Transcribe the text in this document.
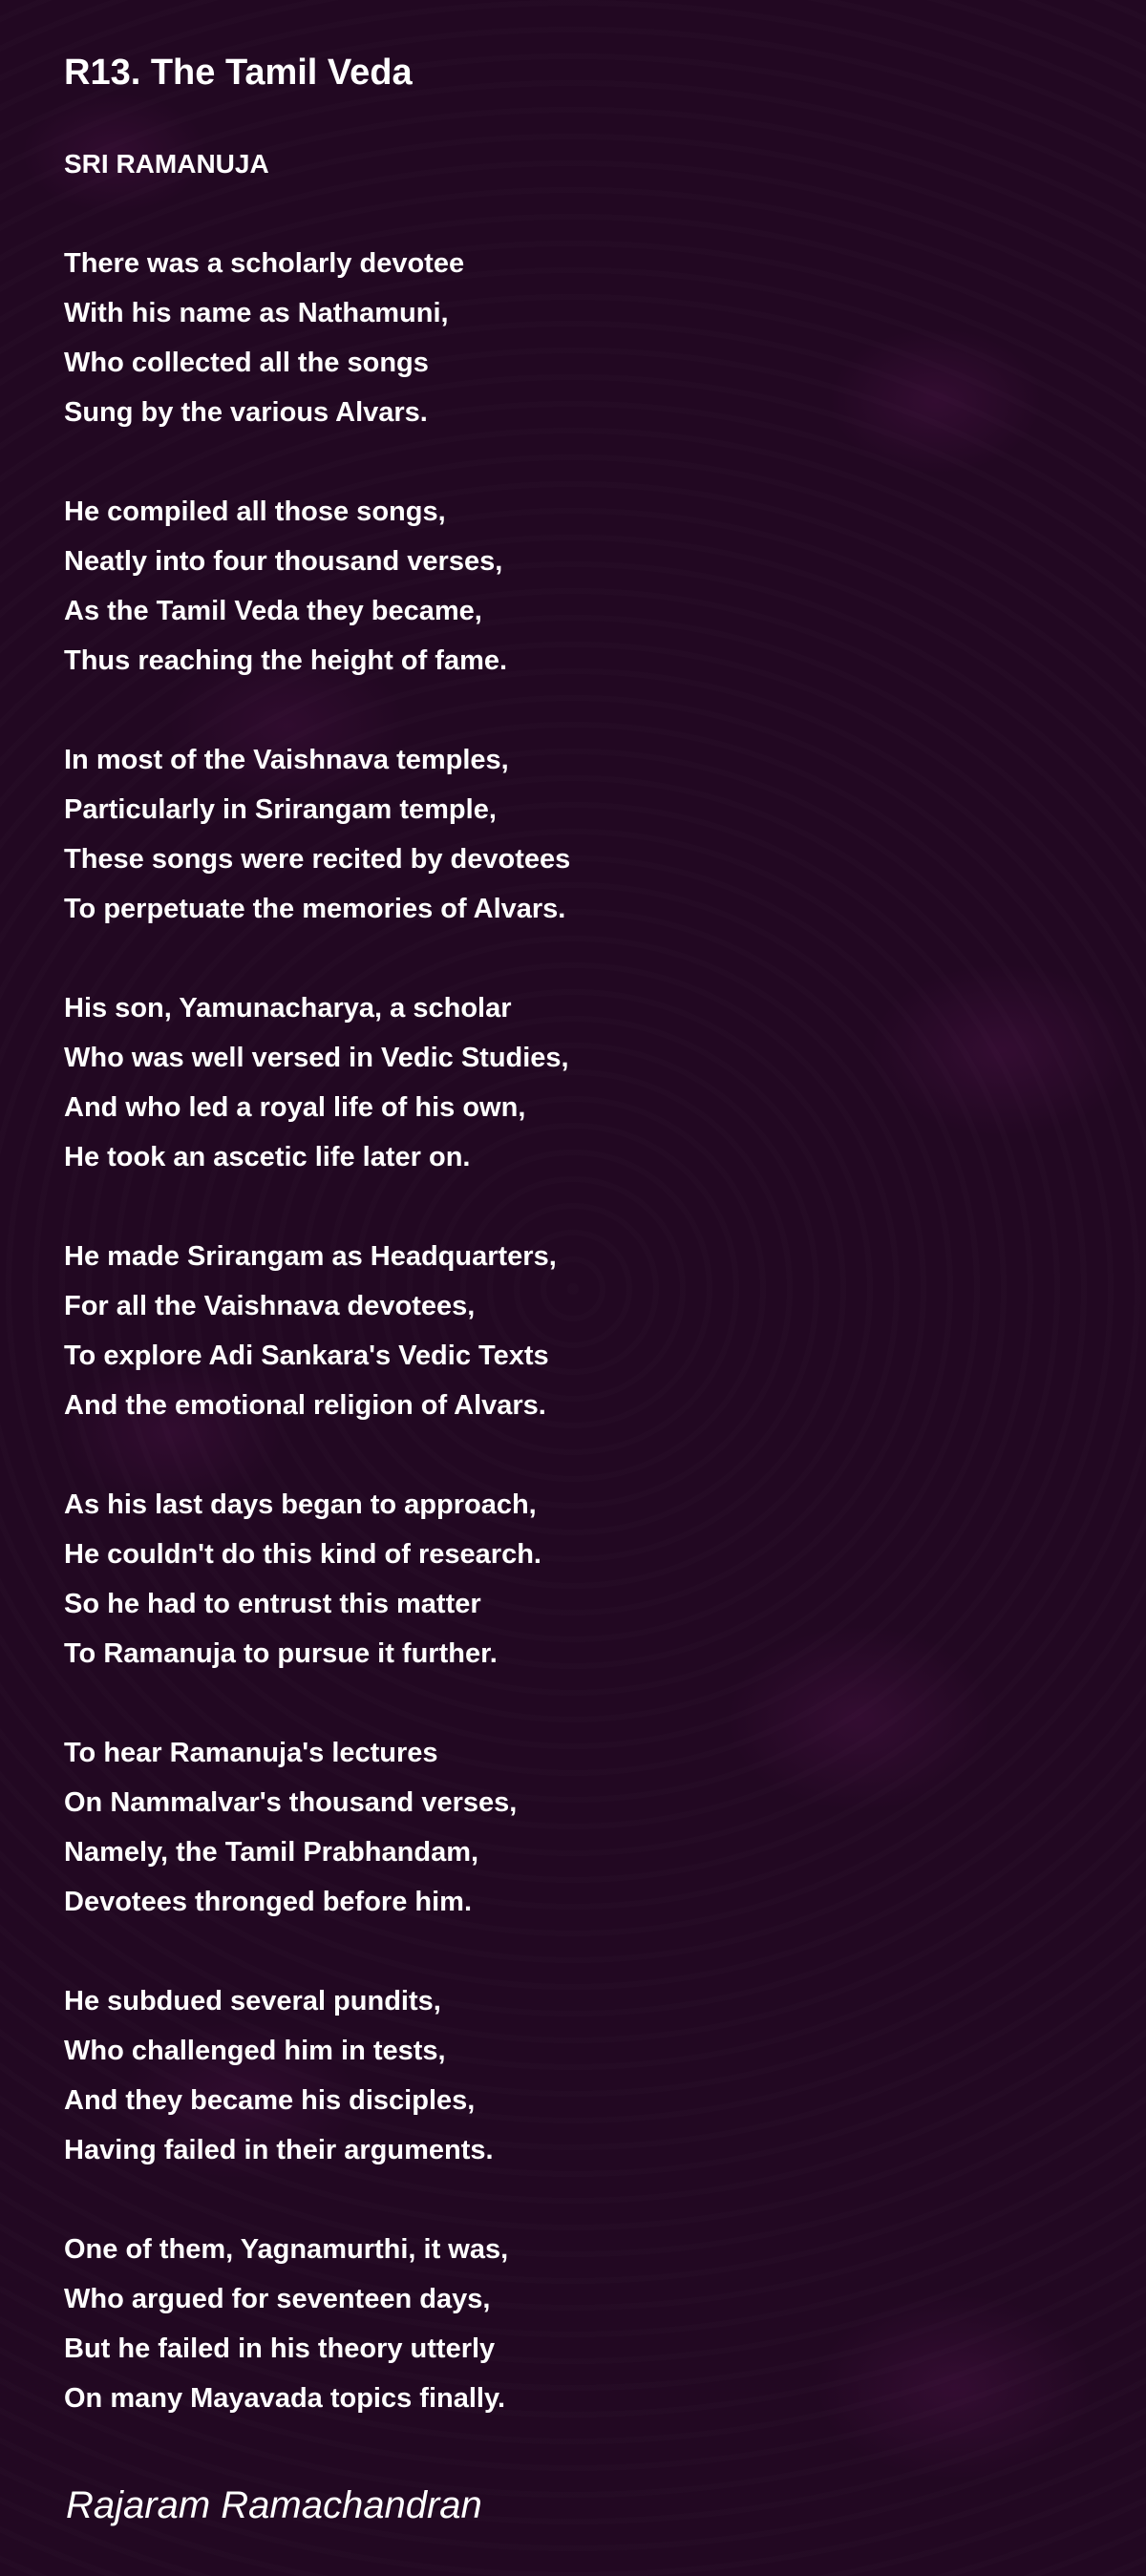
R13. The Tamil Veda
SRI RAMANUJA
There was a scholarly devotee
With his name as Nathamuni,
Who collected all the songs
Sung by the various Alvars.
He compiled all those songs,
Neatly into four thousand verses,
As the Tamil Veda they became,
Thus reaching the height of fame.
In most of the Vaishnava temples,
Particularly in Srirangam temple,
These songs were recited by devotees
To perpetuate the memories of Alvars.
His son, Yamunacharya, a scholar
Who was well versed in Vedic Studies,
And who led a royal life of his own,
He took an ascetic life later on.
He made Srirangam as Headquarters,
For all the Vaishnava devotees,
To explore Adi Sankara's Vedic Texts
And the emotional religion of Alvars.
As his last days began to approach,
He couldn't do this kind of research.
So he had to entrust this matter
To Ramanuja to pursue it further.
To hear Ramanuja's lectures
On Nammalvar's thousand verses,
Namely, the Tamil Prabhandam,
Devotees thronged before him.
He subdued several pundits,
Who challenged him in tests,
And they became his disciples,
Having failed in their arguments.
One of them, Yagnamurthi, it was,
Who argued for seventeen days,
But he failed in his theory utterly
On many Mayavada topics finally.
Rajaram Ramachandran
